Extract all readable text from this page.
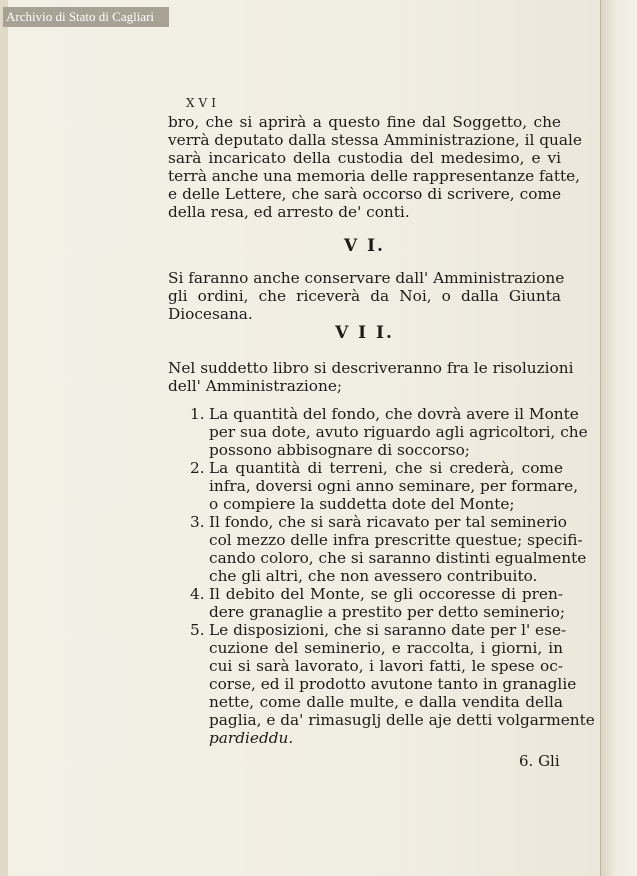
Archivio di Stato di Cagliari
XVI
bro, che si aprirà a questo fine dal Soggetto, che
verrà deputato dalla stessa Amministrazione, il quale
sarà incaricato della custodia del medesimo, e vi
terrà anche una memoria delle rappresentanze fatte,
e delle Lettere, che sarà occorso di scrivere, come
della resa, ed arresto de' conti.
V I.
Si faranno anche conservare dall' Amministrazione
gli ordini, che riceverà da Noi, o dalla Giunta
Diocesana.
V I I.
Nel suddetto libro si descriveranno fra le risoluzioni
dell' Amministrazione;
1. La quantità del fondo, che dovrà avere il Monte
per sua dote, avuto riguardo agli agricoltori, che
possono abbisognare di soccorso;
2. La quantità di terreni, che si crederà, come
infra, doversi ogni anno seminare, per formare,
o compiere la suddetta dote del Monte;
3. Il fondo, che si sarà ricavato per tal seminerio
col mezzo delle infra prescritte questue; specifi-
cando coloro, che si saranno distinti egualmente
che gli altri, che non avessero contribuito.
4. Il debito del Monte, se gli occoresse di pren-
dere granaglie a prestito per detto seminerio;
5. Le disposizioni, che si saranno date per l' ese-
cuzione del seminerio, e raccolta, i giorni, in
cui si sarà lavorato, i lavori fatti, le spese oc-
corse, ed il prodotto avutone tanto in granaglie
nette, come dalle multe, e dalla vendita della
paglia, e da' rimasuglj delle aje detti volgarmente
pardieddu.
6. Gli
